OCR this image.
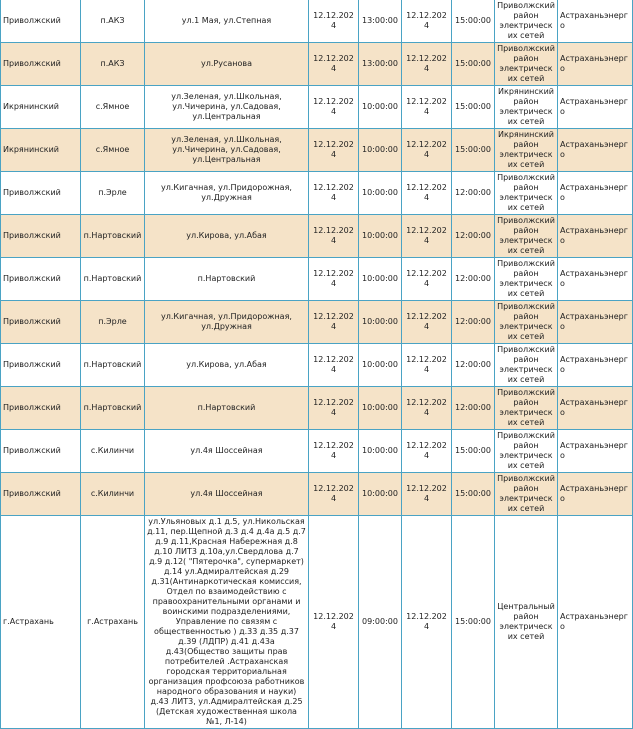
Приволжский	п.АКЗ	ул.1 Мая, ул.Степная	12.12.2024	13:00:00	12.12.2024	15:00:00	Приволжский район электрических сетей	Астраханьэнерго
Приволжский	п.АКЗ	ул.Русанова	12.12.2024	13:00:00	12.12.2024	15:00:00	Приволжский район электрических сетей	Астраханьэнерго
Икрянинский	с.Ямное	ул.Зеленая, ул.Школьная, ул.Чичерина, ул.Садовая, ул.Центральная	12.12.2024	10:00:00	12.12.2024	15:00:00	Икрянинский район электрических сетей	Астраханьэнерго
Икрянинский	с.Ямное	ул.Зеленая, ул.Школьная, ул.Чичерина, ул.Садовая, ул.Центральная	12.12.2024	10:00:00	12.12.2024	15:00:00	Икрянинский район электрических сетей	Астраханьэнерго
Приволжский	п.Эрле	ул.Кигачная, ул.Придорожная, ул.Дружная	12.12.2024	10:00:00	12.12.2024	12:00:00	Приволжский район электрических сетей	Астраханьэнерго
Приволжский	п.Нартовский	ул.Кирова, ул.Абая	12.12.2024	10:00:00	12.12.2024	12:00:00	Приволжский район электрических сетей	Астраханьэнерго
Приволжский	п.Нартовский	п.Нартовский	12.12.2024	10:00:00	12.12.2024	12:00:00	Приволжский район электрических сетей	Астраханьэнерго
Приволжский	п.Эрле	ул.Кигачная, ул.Придорожная, ул.Дружная	12.12.2024	10:00:00	12.12.2024	12:00:00	Приволжский район электрических сетей	Астраханьэнерго
Приволжский	п.Нартовский	ул.Кирова, ул.Абая	12.12.2024	10:00:00	12.12.2024	12:00:00	Приволжский район электрических сетей	Астраханьэнерго
Приволжский	п.Нартовский	п.Нартовский	12.12.2024	10:00:00	12.12.2024	12:00:00	Приволжский район электрических сетей	Астраханьэнерго
Приволжский	с.Килинчи	ул.4я Шоссейная	12.12.2024	10:00:00	12.12.2024	15:00:00	Приволжский район электрических сетей	Астраханьэнерго
Приволжский	с.Килинчи	ул.4я Шоссейная	12.12.2024	10:00:00	12.12.2024	15:00:00	Приволжский район электрических сетей	Астраханьэнерго
г.Астрахань	г.Астрахань	ул.Ульяновых д.1 д.5, ул.Никольская д.11, пер.Щепной д.3 д.4 д.4а д.5 д.7 д.9 д.11,Красная Набережная д.8 д.10 ЛИТ3 д.10а,ул.Свердлова д.7 д.9 д.12( "Пятерочка", супермаркет) д.14 ул.Адмиралтейская д.29 д.31(Антинаркотическая комиссия, Отдел по взаимодействию с правоохранительными органами и воинскими подразделениями, Управление по связям с общественностью ) д.33 д.35 д.37 д.39 (ЛДПР) д.41 д.43а д.43(Общество защиты прав потребителей .Астраханская городская территориальная организация профсоюза работников народного образования и науки) д.43 ЛИТ3, ул.Адмиралтейская д.25 (Детская художественная школа №1, Л-14)	12.12.2024	09:00:00	12.12.2024	15:00:00	Центральный район электрических сетей	Астраханьэнерго
